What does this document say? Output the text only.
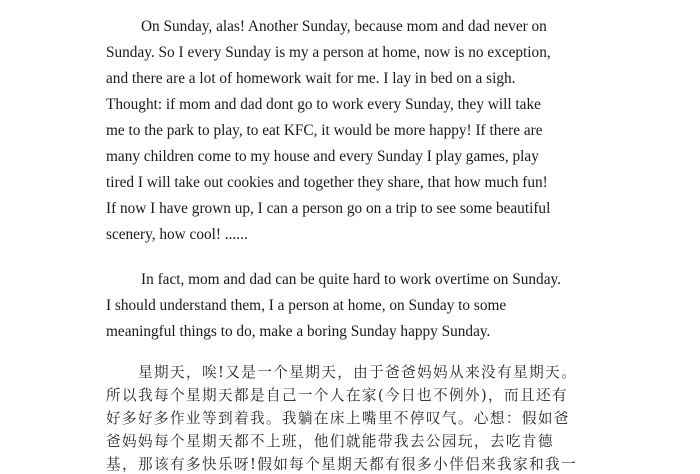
On Sunday, alas! Another Sunday, because mom and dad never on
Sunday. So I every Sunday is my a person at home, now is no exception,
and there are a lot of homework wait for me. I lay in bed on a sigh.
Thought: if mom and dad dont go to work every Sunday, they will take
me to the park to play, to eat KFC, it would be more happy! If there are
many children come to my house and every Sunday I play games, play
tired I will take out cookies and together they share, that how much fun!
If now I have grown up, I can a person go on a trip to see some beautiful
scenery, how cool! ......
In fact, mom and dad can be quite hard to work overtime on Sunday.
I should understand them, I a person at home, on Sunday to some
meaningful things to do, make a boring Sunday happy Sunday.
星期天，唉!又是一个星期天，由于爸爸妈妈从来没有星期天。
所以我每个星期天都是自己一个人在家(今日也不例外)，而且还有
好多好多作业等到着我。我躺在床上嘴里不停叹气。心想：假如爸
爸妈妈每个星期天都不上班，他们就能带我去公园玩，去吃肯德
基，那该有多快乐呀!假如每个星期天都有很多小伴侣来我家和我一
